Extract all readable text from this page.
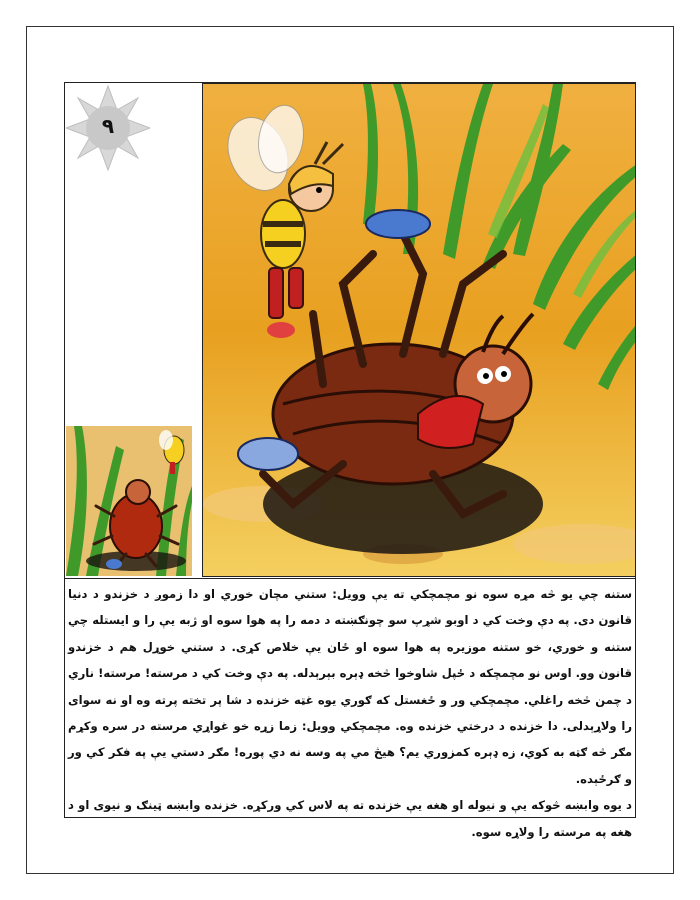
٩

ستنه چي يو څه مړه سوه نو مچمچکي ته يې وويل: ستني مچان خوري او دا زموږ د خزندو د دنيا قانون دی. په دې وخت کي د اوبو شړپ سو چونګښته د دمه را په هوا سوه او ژبه يې را و ايستله چي ستنه و خوري، خو ستنه موزيره په هوا سوه او ځان يې خلاص کړی. د ستني خوړل هم د خزندو قانون وو. اوس نو مچمچکه د ځپل شاوخوا څخه ډېره بېرېدله. په دې وخت کي د مرسته! مرسته! ناري د چمن څخه راغلي. مچمچکي ور و ځغستل که ګوري يوه غټه خزنده د شا پر تخته پرته وه او نه سوای را ولاړېدلی. دا خزنده د درختي خزنده وه. مچمچکي وويل: زما زړه خو غواړي مرسته در سره وکړم مګر څه ګټه به کوي، زه ډېره کمزوري يم؟ هيڅ مي په وسه نه دي پوره! مګر دستي يې په فکر کي ور و ګرځېده.

د يوه وابښه څوکه يې و نيوله او هغه يې خزنده ته په لاس کي ورکړه. خزنده وابښه ټينګ و نيوی او د هغه په مرسته را ولاړه سوه.
